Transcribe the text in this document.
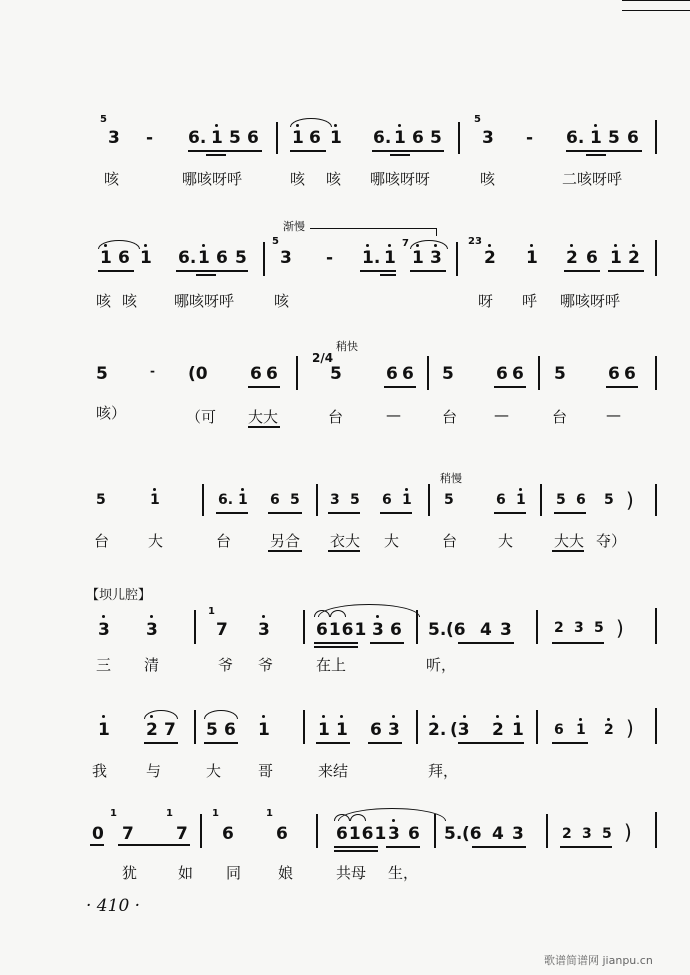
5
3 - 6. 1 5 6 1 6 1 6. 1 6 5
5
3 - 6. 1 5 6
咳	哪咳呀呼	咳 咳 哪咳呀呀	咳	二咳呀呼
渐慢
1 6 1 6. 1 6 5
5
3 - 1. 1
7
1 3
23
2 1 2 6 1 2
咳 咳 哪咳呀呼	咳	呀 呼 哪咳呀呼
稍快
5	- (0 6 6
2/4
5	6 6 5 6 6 5 6 6
咳）	（可 大大	台	—	台 —	台	—
稍慢
5	1	6. 1 6 5 3 5 6 1 5	6 1 5 6 5 )
台	大	台	另合 衣大 大	台	大	大大 夺）
【坝儿腔】
3 3
1
7 3	6161 3 6 5. (6 4 3	2 3 5 )
三 清	爷 爷	在上	听，
1 2 7 5 6 1	1 1 6 3 2. (3 2 1 6 1 2 )
我	与	大 哥	来结	拜，
0
1
7
1
7
1
6
1
6	6161 3 6 5. (6 4 3	2 3 5 )
犹	如 同 娘	共母 生，
· 410 ·
歌谱简谱网 jianpu.cn
